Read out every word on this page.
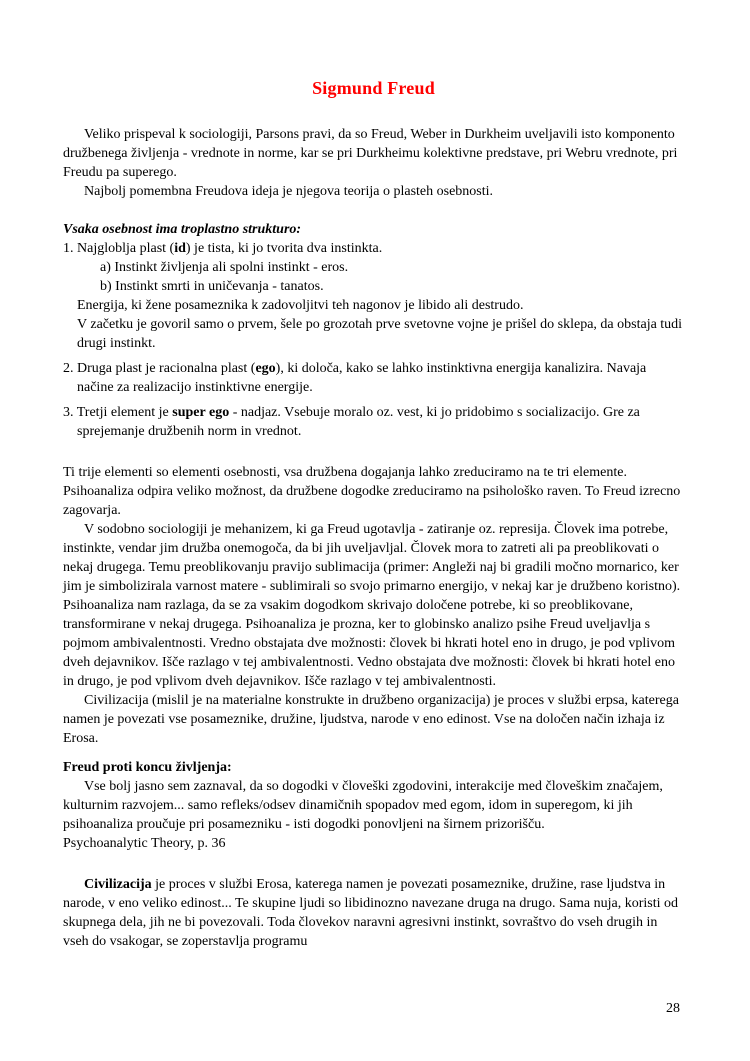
Sigmund Freud

Veliko prispeval k sociologiji, Parsons pravi, da so Freud, Weber in Durkheim uveljavili isto komponento družbenega življenja - vrednote in norme, kar se pri Durkheimu kolektivne predstave, pri Webru vrednote, pri Freudu pa superego.

Najbolj pomembna Freudova ideja je njegova teorija o plasteh osebnosti.

Vsaka osebnost ima troplastno strukturo:

1. Najgloblja plast (id) je tista, ki jo tvorita dva instinkta.
a) Instinkt življenja ali spolni instinkt - eros.
b) Instinkt smrti in uničevanja - tanatos.
Energija, ki žene posameznika k zadovoljitvi teh nagonov je libido ali destrudo.
V začetku je govoril samo o prvem, šele po grozotah prve svetovne vojne je prišel do sklepa, da obstaja tudi drugi instinkt.
2. Druga plast je racionalna plast (ego), ki določa, kako se lahko instinktivna energija kanalizira. Navaja načine za realizacijo instinktivne energije.
3. Tretji element je super ego - nadjaz. Vsebuje moralo oz. vest, ki jo pridobimo s socializacijo. Gre za sprejemanje družbenih norm in vrednot.

Ti trije elementi so elementi osebnosti, vsa družbena dogajanja lahko zreduciramo na te tri elemente. Psihoanaliza odpira veliko možnost, da družbene dogodke zreduciramo na psihološko raven. To Freud izrecno zagovarja.

V sodobno sociologiji je mehanizem, ki ga Freud ugotavlja - zatiranje oz. represija. Človek ima potrebe, instinkte, vendar jim družba onemogoča, da bi jih uveljavljal. Človek mora to zatreti ali pa preoblikovati o nekaj drugega. Temu preoblikovanju pravijo sublimacija (primer: Angleži naj bi gradili močno mornarico, ker jim je simbolizirala varnost matere - sublimirali so svojo primarno energijo, v nekaj kar je družbeno koristno). Psihoanaliza nam razlaga, da se za vsakim dogodkom skrivajo določene potrebe, ki so preoblikovane, transformirane v nekaj drugega. Psihoanaliza je prozna, ker to globinsko analizo psihe Freud uveljavlja s pojmom ambivalentnosti. Vredno obstajata dve možnosti: človek bi hkrati hotel eno in drugo, je pod vplivom dveh dejavnikov. Išče razlago v tej ambivalentnosti. Vedno obstajata dve možnosti: človek bi hkrati hotel eno in drugo, je pod vplivom dveh dejavnikov. Išče razlago v tej ambivalentnosti.

Civilizacija (mislil je na materialne konstrukte in družbeno organizacija) je proces v službi erpsa, katerega namen je povezati vse posameznike, družine, ljudstva, narode v eno edinost. Vse na določen način izhaja iz Erosa.

Freud proti koncu življenja:

Vse bolj jasno sem zaznaval, da so dogodki v človeški zgodovini, interakcije med človeškim značajem, kulturnim razvojem... samo refleks/odsev dinamičnih spopadov med egom, idom in superegom, ki jih psihoanaliza proučuje pri posamezniku - isti dogodki ponovljeni na širnem prizorišču.

Psychoanalytic Theory, p. 36

Civilizacija je proces v službi Erosa, katerega namen je povezati posameznike, družine, rase ljudstva in narode, v eno veliko edinost... Te skupine ljudi so libidinozno navezane druga na drugo. Sama nuja, koristi od skupnega dela, jih ne bi povezovali. Toda človekov naravni agresivni instinkt, sovraštvo do vseh drugih in vseh do vsakogar, se zoperstavlja programu

28
